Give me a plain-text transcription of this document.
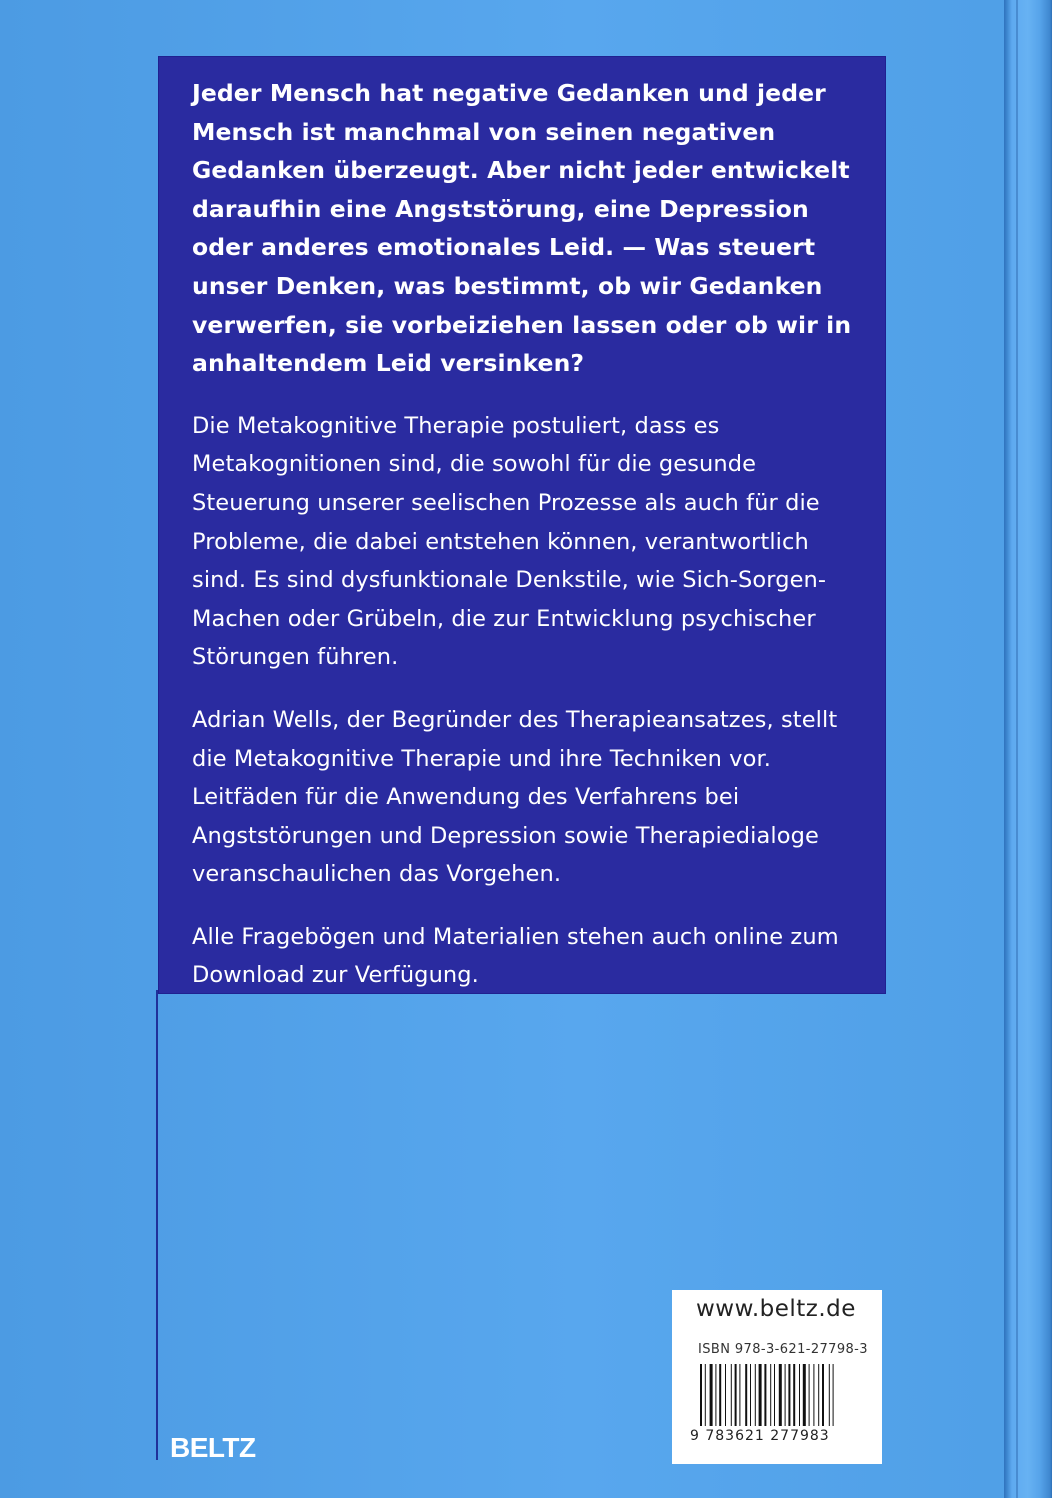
Jeder Mensch hat negative Gedanken und jeder Mensch ist manchmal von seinen negativen Gedanken überzeugt. Aber nicht jeder entwickelt daraufhin eine Angststörung, eine Depression oder anderes emotionales Leid. — Was steuert unser Denken, was bestimmt, ob wir Gedanken verwerfen, sie vorbeiziehen lassen oder ob wir in anhaltendem Leid versinken?

Die Metakognitive Therapie postuliert, dass es Metakognitionen sind, die sowohl für die gesunde Steuerung unserer seelischen Prozesse als auch für die Probleme, die dabei entstehen können, verantwortlich sind. Es sind dysfunktionale Denkstile, wie Sich-Sorgen-Machen oder Grübeln, die zur Entwicklung psychischer Störungen führen.

Adrian Wells, der Begründer des Therapieansatzes, stellt die Metakognitive Therapie und ihre Techniken vor. Leitfäden für die Anwendung des Verfahrens bei Angststörungen und Depression sowie Therapiedialoge veranschaulichen das Vorgehen.

Alle Fragebögen und Materialien stehen auch online zum Download zur Verfügung.

www.beltz.de
ISBN 978-3-621-27798-3
9 783621 277983
BELTZ
